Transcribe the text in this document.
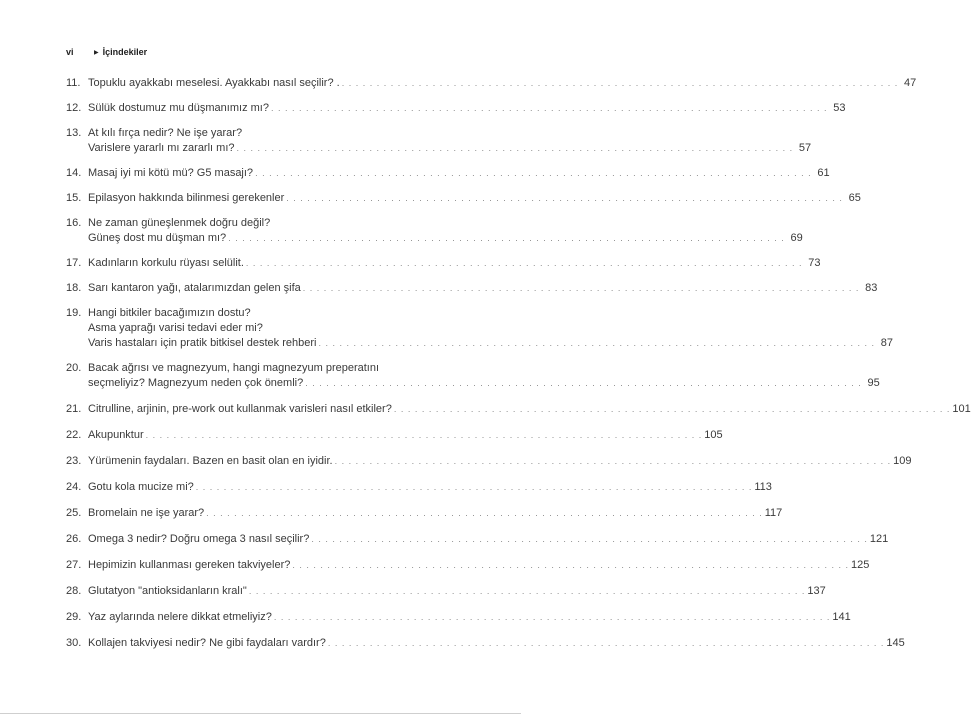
vi	▶ İçindekiler
11. Topuklu ayakkabı meselesi. Ayakkabı nasıl seçilir? . . . . . . . . . . . . . . . . . . . . . . . . . . . . . . . . . . . . . . . . . . . . . . . . . . . . . . . . . . . . . . . . . . . . . . . . . . . . . . . . . 47
12. Sülük dostumuz mu düşmanımız mı? . . . . . . . . . . . . . . . . . . . . . . . . . . . . . . . . . . . . . . . . . . . . . . . . . . . . . . . . . . . . . . . . . . . . . . . . . . . . . . . . 53
13. At kılı fırça nedir? Ne işe yarar?
Varislere yararlı mı zararlı mı? . . . . . . . . . . . . . . . . . . . . . . . . . . . . . . . . . . . . . . . . . . . . . . . . . . . . . . . . . . . . . . . . . . . . . . . . . . . . . . . . 57
14. Masaj iyi mi kötü mü? G5 masajı? . . . . . . . . . . . . . . . . . . . . . . . . . . . . . . . . . . . . . . . . . . . . . . . . . . . . . . . . . . . . . . . . . . . . . . . . . . . . . . . . 61
15. Epilasyon hakkında bilinmesi gerekenler . . . . . . . . . . . . . . . . . . . . . . . . . . . . . . . . . . . . . . . . . . . . . . . . . . . . . . . . . . . . . . . . . . . . . . . . . . . . . . . . 65
16. Ne zaman güneşlenmek doğru değil?
Güneş dost mu düşman mı? . . . . . . . . . . . . . . . . . . . . . . . . . . . . . . . . . . . . . . . . . . . . . . . . . . . . . . . . . . . . . . . . . . . . . . . . . . . . . . . . 69
17. Kadınların korkulu rüyası selülit. . . . . . . . . . . . . . . . . . . . . . . . . . . . . . . . . . . . . . . . . . . . . . . . . . . . . . . . . . . . . . . . . . . . . . . . . . . . . . . . . 73
18. Sarı kantaron yağı, atalarımızdan gelen şifa . . . . . . . . . . . . . . . . . . . . . . . . . . . . . . . . . . . . . . . . . . . . . . . . . . . . . . . . . . . . . . . . . . . . . . . . . . . . . . . . 83
19. Hangi bitkiler bacağımızın dostu?
Asma yaprağı varisi tedavi eder mi?
Varis hastaları için pratik bitkisel destek rehberi . . . . . . . . . . . . . . . . . . . . . . . . . . . . . . . . . . . . . . . . . . . . . . . . . . . . . . . . . . . . . . . . . . . . . . . . . . . . . . . . 87
20. Bacak ağrısı ve magnezyum, hangi magnezyum preperatını
seçmeliyiz? Magnezyum neden çok önemli? . . . . . . . . . . . . . . . . . . . . . . . . . . . . . . . . . . . . . . . . . . . . . . . . . . . . . . . . . . . . . . . . . . . . . . . . . . . . . . . . 95
21. Citrulline, arjinin, pre-work out kullanmak varisleri nasıl etkiler? . . . . . . . . . . . . . . . . . . . . . . . . . . . . . . . . . . . . . . . . . . . . . . . . . . . . . . . . . . . . . . . . . . . . . . . . . . . . . . . . 101
22. Akupunktur . . . . . . . . . . . . . . . . . . . . . . . . . . . . . . . . . . . . . . . . . . . . . . . . . . . . . . . . . . . . . . . . . . . . . . . . . . . . . . . . 105
23. Yürümenin faydaları. Bazen en basit olan en iyidir. . . . . . . . . . . . . . . . . . . . . . . . . . . . . . . . . . . . . . . . . . . . . . . . . . . . . . . . . . . . . . . . . . . . . . . . . . . . . . . . . 109
24. Gotu kola mucize mi? . . . . . . . . . . . . . . . . . . . . . . . . . . . . . . . . . . . . . . . . . . . . . . . . . . . . . . . . . . . . . . . . . . . . . . . . . . . . . . . . 113
25. Bromelain ne işe yarar? . . . . . . . . . . . . . . . . . . . . . . . . . . . . . . . . . . . . . . . . . . . . . . . . . . . . . . . . . . . . . . . . . . . . . . . . . . . . . . . . 117
26. Omega 3 nedir? Doğru omega 3 nasıl seçilir? . . . . . . . . . . . . . . . . . . . . . . . . . . . . . . . . . . . . . . . . . . . . . . . . . . . . . . . . . . . . . . . . . . . . . . . . . . . . . . . . 121
27. Hepimizin kullanması gereken takviyeler? . . . . . . . . . . . . . . . . . . . . . . . . . . . . . . . . . . . . . . . . . . . . . . . . . . . . . . . . . . . . . . . . . . . . . . . . . . . . . . . . 125
28. Glutatyon "antioksidanların kralı" . . . . . . . . . . . . . . . . . . . . . . . . . . . . . . . . . . . . . . . . . . . . . . . . . . . . . . . . . . . . . . . . . . . . . . . . . . . . . . . . 137
29. Yaz aylarında nelere dikkat etmeliyiz? . . . . . . . . . . . . . . . . . . . . . . . . . . . . . . . . . . . . . . . . . . . . . . . . . . . . . . . . . . . . . . . . . . . . . . . . . . . . . . . . 141
30. Kollajen takviyesi nedir? Ne gibi faydaları vardır? . . . . . . . . . . . . . . . . . . . . . . . . . . . . . . . . . . . . . . . . . . . . . . . . . . . . . . . . . . . . . . . . . . . . . . . . . . . . . . . . 145
